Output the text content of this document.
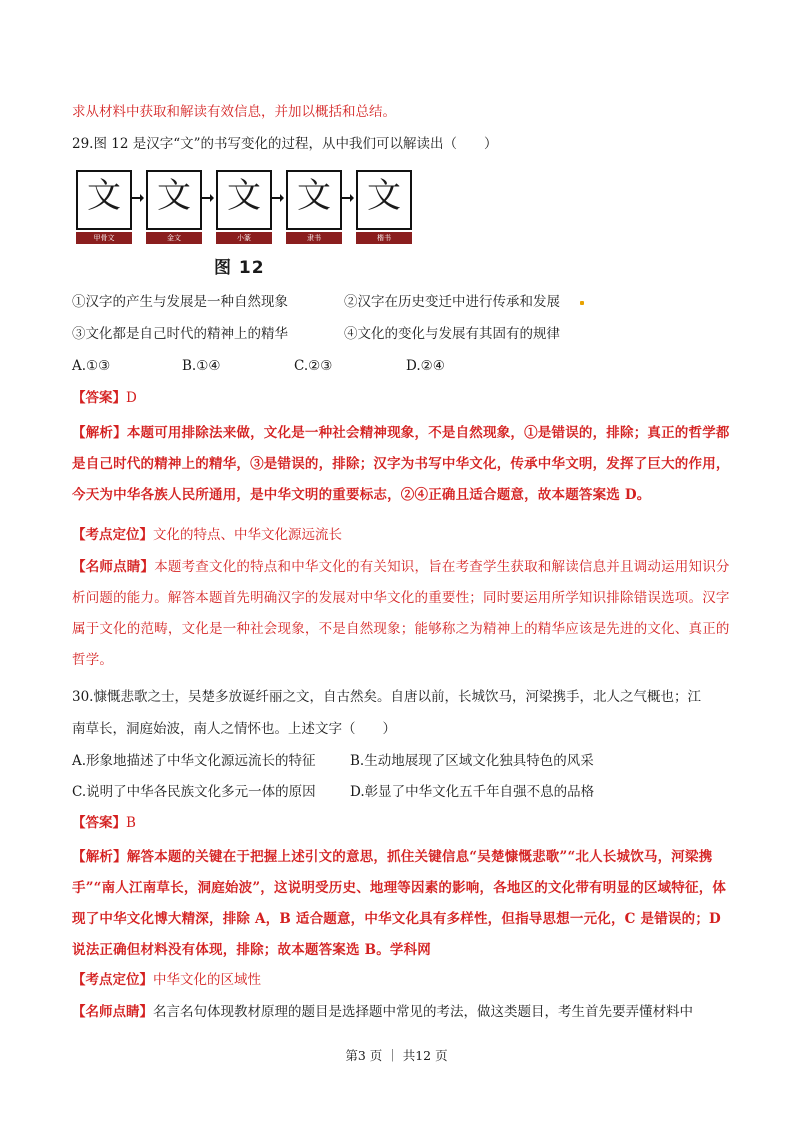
求从材料中获取和解读有效信息，并加以概括和总结。
29.图 12 是汉字“文”的书写变化的过程，从中我们可以解读出（　　）
文
甲骨文
文
金文
文
小篆
文
隶书
文
楷书
图 12
①汉字的产生与发展是一种自然现象	②汉字在历史变迁中进行传承和发展
③文化都是自己时代的精神上的精华	④文化的变化与发展有其固有的规律
A.①③	B.①④	C.②③	D.②④
【答案】D
【解析】本题可用排除法来做，文化是一种社会精神现象，不是自然现象，①是错误的，排除；真正的哲学都是自己时代的精神上的精华，③是错误的，排除；汉字为书写中华文化，传承中华文明，发挥了巨大的作用，今天为中华各族人民所通用，是中华文明的重要标志，②④正确且适合题意，故本题答案选 D。
【考点定位】文化的特点、中华文化源远流长
【名师点睛】本题考查文化的特点和中华文化的有关知识，旨在考查学生获取和解读信息并且调动运用知识分析问题的能力。解答本题首先明确汉字的发展对中华文化的重要性；同时要运用所学知识排除错误选项。汉字属于文化的范畴，文化是一种社会现象，不是自然现象；能够称之为精神上的精华应该是先进的文化、真正的哲学。
30.慷慨悲歌之士，吴楚多放诞纤丽之文，自古然矣。自唐以前，长城饮马，河梁携手，北人之气概也；江
南草长，洞庭始波，南人之情怀也。上述文字（　　）
A.形象地描述了中华文化源远流长的特征	B.生动地展现了区域文化独具特色的风采
C.说明了中华各民族文化多元一体的原因	D.彰显了中华文化五千年自强不息的品格
【答案】B
【解析】解答本题的关键在于把握上述引文的意思，抓住关键信息“吴楚慷慨悲歌”“北人长城饮马，河梁携手”“南人江南草长，洞庭始波”，这说明受历史、地理等因素的影响，各地区的文化带有明显的区域特征，体现了中华文化博大精深，排除 A，B 适合题意，中华文化具有多样性，但指导思想一元化，C 是错误的；D 说法正确但材料没有体现，排除；故本题答案选 B。学科网
【考点定位】中华文化的区域性
【名师点睛】名言名句体现教材原理的题目是选择题中常见的考法，做这类题目，考生首先要弄懂材料中
第3 页 ｜ 共12 页
